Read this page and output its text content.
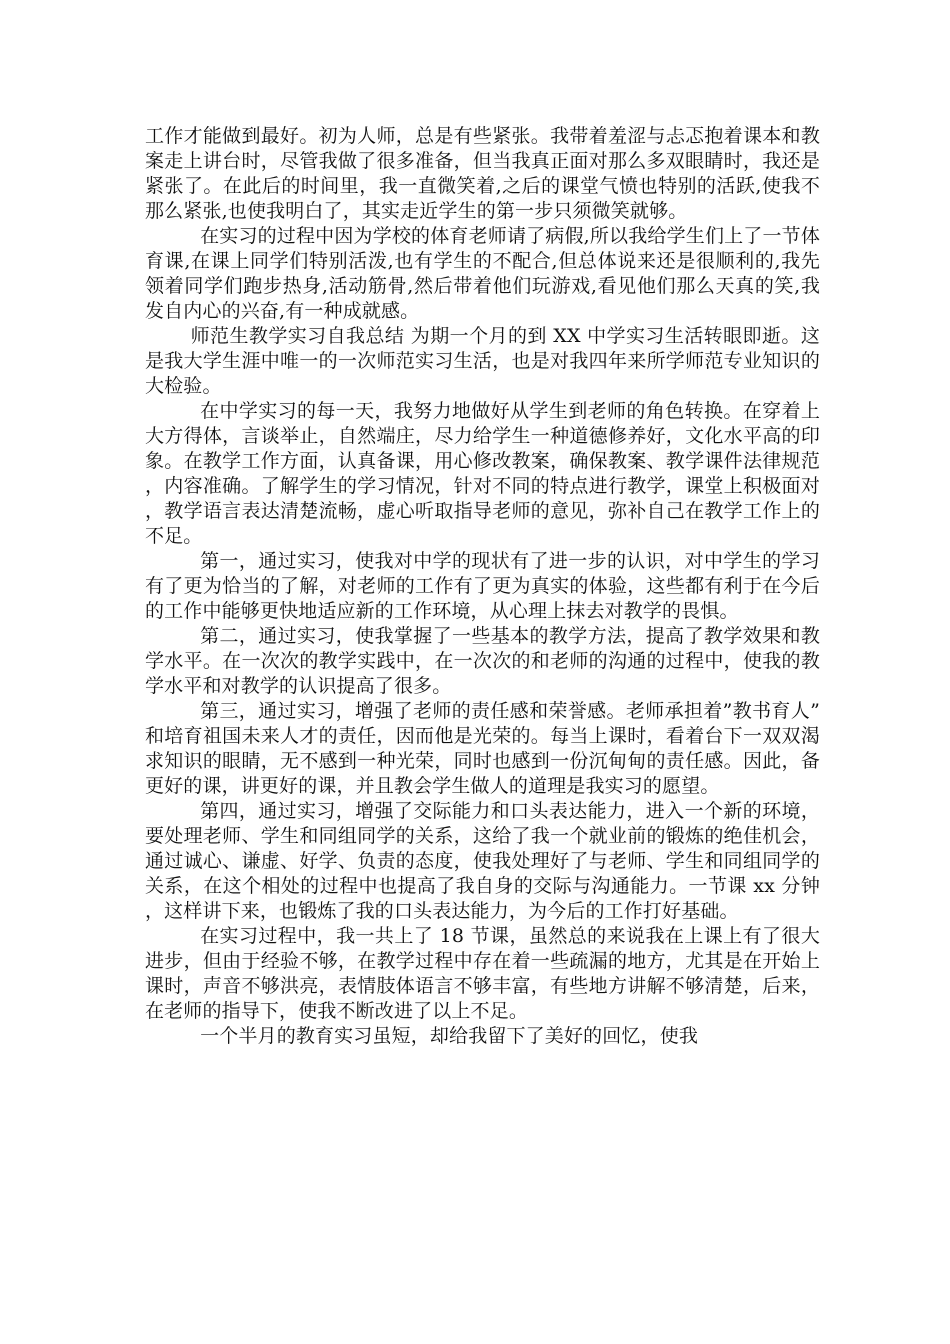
工作才能做到最好。初为人师，总是有些紧张。我带着羞涩与忐忑抱着课本和教案走上讲台时，尽管我做了很多准备，但当我真正面对那么多双眼睛时，我还是紧张了。在此后的时间里，我一直微笑着,之后的课堂气愤也特别的活跃,使我不那么紧张,也使我明白了，其实走近学生的第一步只须微笑就够。

在实习的过程中因为学校的体育老师请了病假,所以我给学生们上了一节体育课,在课上同学们特别活泼,也有学生的不配合,但总体说来还是很顺利的,我先领着同学们跑步热身,活动筋骨,然后带着他们玩游戏,看见他们那么天真的笑,我发自内心的兴奋,有一种成就感。

师范生教学实习自我总结 为期一个月的到 XX 中学实习生活转眼即逝。这是我大学生涯中唯一的一次师范实习生活，也是对我四年来所学师范专业知识的大检验。

在中学实习的每一天，我努力地做好从学生到老师的角色转换。在穿着上大方得体，言谈举止，自然端庄，尽力给学生一种道德修养好，文化水平高的印象。在教学工作方面，认真备课，用心修改教案，确保教案、教学课件法律规范，内容准确。了解学生的学习情况，针对不同的特点进行教学，课堂上积极面对，教学语言表达清楚流畅，虚心听取指导老师的意见，弥补自己在教学工作上的不足。

第一，通过实习，使我对中学的现状有了进一步的认识，对中学生的学习有了更为恰当的了解，对老师的工作有了更为真实的体验，这些都有利于在今后的工作中能够更快地适应新的工作环境，从心理上抹去对教学的畏惧。

第二，通过实习，使我掌握了一些基本的教学方法，提高了教学效果和教学水平。在一次次的教学实践中，在一次次的和老师的沟通的过程中，使我的教学水平和对教学的认识提高了很多。

第三，通过实习，增强了老师的责任感和荣誉感。老师承担着”教书育人”和培育祖国未来人才的责任，因而他是光荣的。每当上课时，看着台下一双双渴求知识的眼睛，无不感到一种光荣，同时也感到一份沉甸甸的责任感。因此，备更好的课，讲更好的课，并且教会学生做人的道理是我实习的愿望。

第四，通过实习，增强了交际能力和口头表达能力，进入一个新的环境，要处理老师、学生和同组同学的关系，这给了我一个就业前的锻炼的绝佳机会，通过诚心、谦虚、好学、负责的态度，使我处理好了与老师、学生和同组同学的关系，在这个相处的过程中也提高了我自身的交际与沟通能力。一节课 xx 分钟，这样讲下来，也锻炼了我的口头表达能力，为今后的工作打好基础。

在实习过程中，我一共上了 18 节课，虽然总的来说我在上课上有了很大进步，但由于经验不够，在教学过程中存在着一些疏漏的地方，尤其是在开始上课时，声音不够洪亮，表情肢体语言不够丰富，有些地方讲解不够清楚，后来，在老师的指导下，使我不断改进了以上不足。

一个半月的教育实习虽短，却给我留下了美好的回忆，使我
